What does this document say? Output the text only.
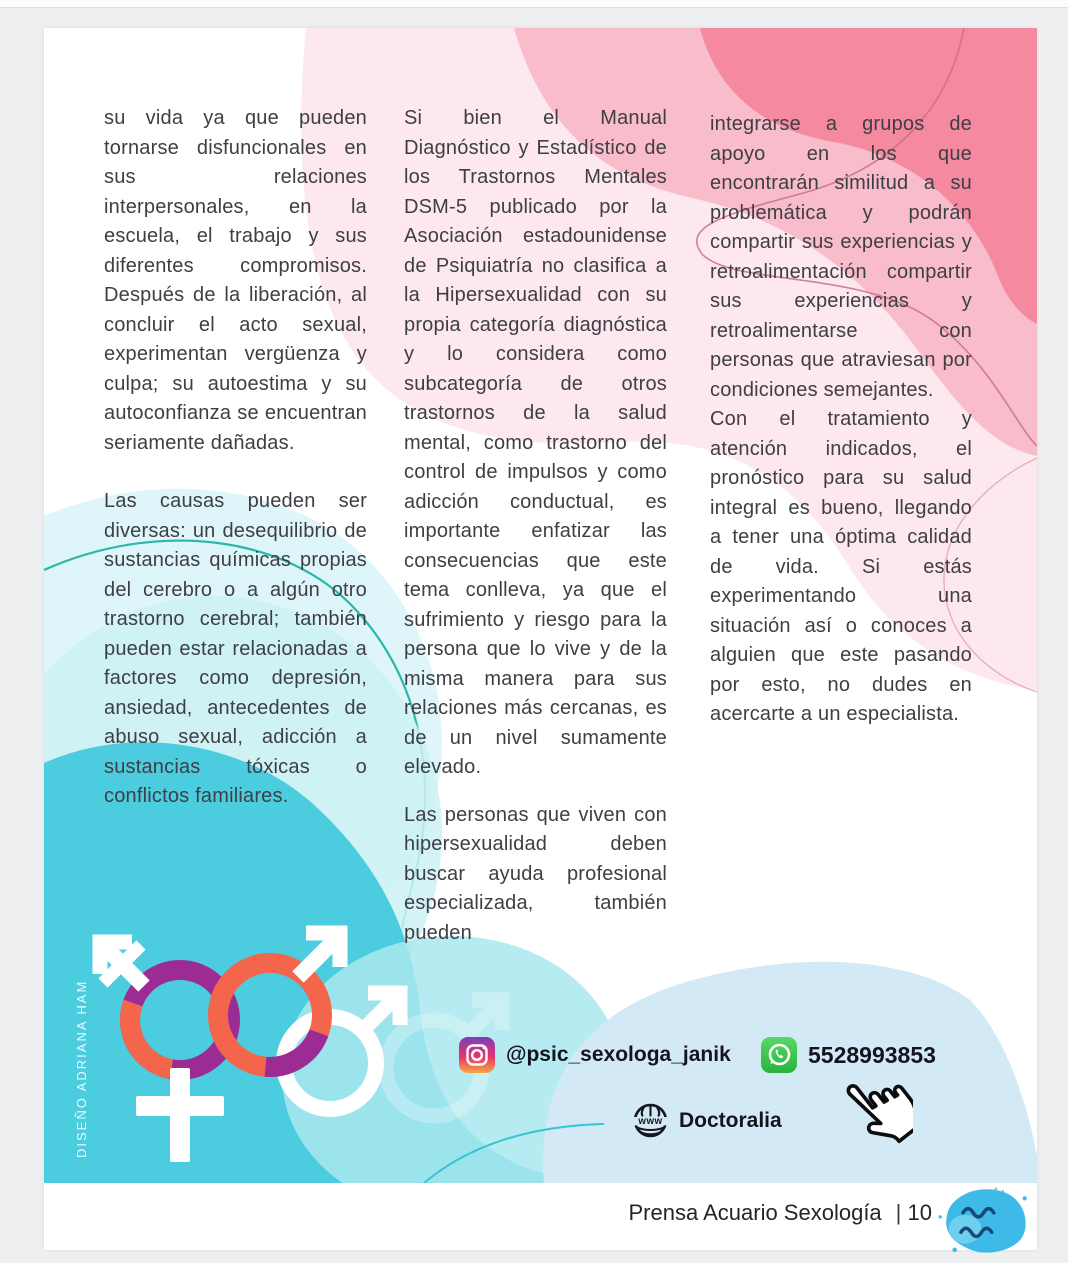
su vida ya que pueden tornarse disfuncionales en sus relaciones interpersonales, en la escuela, el trabajo y sus diferentes compromisos. Después de la liberación, al concluir el acto sexual, experimentan vergüenza y culpa; su autoestima y su autoconfianza se encuentran seriamente dañadas.

Las causas pueden ser diversas: un desequilibrio de sustancias químicas propias del cerebro o a algún otro trastorno cerebral; también pueden estar relacionadas a factores como depresión, ansiedad, antecedentes de abuso sexual, adicción a sustancias tóxicas o conflictos familiares.

Si bien el Manual Diagnóstico y Estadístico de los Trastornos Mentales DSM-5 publicado por la Asociación estadounidense de Psiquiatría no clasifica a la Hipersexualidad con su propia categoría diagnóstica y lo considera como subcategoría de otros trastornos de la salud mental, como trastorno del control de impulsos y como adicción conductual, es importante enfatizar las consecuencias que este tema conlleva, ya que el sufrimiento y riesgo para la persona que lo vive y de la misma manera para sus relaciones más cercanas, es de un nivel sumamente elevado.

Las personas que viven con hipersexualidad deben buscar ayuda profesional especializada, también pueden

integrarse a grupos de apoyo en los que encontrarán similitud a su problemática y podrán compartir sus experiencias y retroalimentación compartir sus experiencias y retroalimentarse con personas que atraviesan por condiciones semejantes.

Con el tratamiento y atención indicados, el pronóstico para su salud integral es bueno, llegando a tener una óptima calidad de vida. Si estás experimentando una situación así o conoces a alguien que este pasando por esto, no dudes en acercarte a un especialista.

DISEÑO ADRIANA HAM	@psic_sexologa_janik	5528993853
www Doctoralia
Prensa Acuario Sexología | 10
